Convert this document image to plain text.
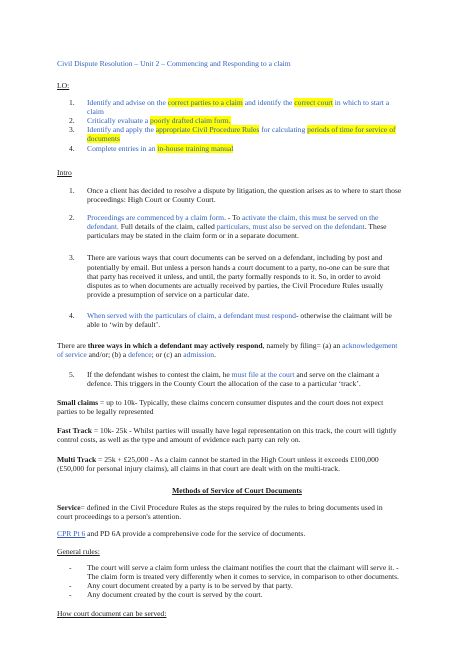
Civil Dispute Resolution – Unit 2 – Commencing and Responding to a claim
LO:
1. Identify and advise on the correct parties to a claim and identify the correct court in which to start a
claim
2. Critically evaluate a poorly drafted claim form.
3. Identify and apply the appropriate Civil Procedure Rules for calculating periods of time for service of
documents
4. Complete entries in an in-house training manual
Intro
1. Once a client has decided to resolve a dispute by litigation, the question arises as to where to start those
proceedings: High Court or County Court.
2. Proceedings are commenced by a claim form. - To activate the claim, this must be served on the
defendant. Full details of the claim, called particulars, must also be served on the defendant. These
particulars may be stated in the claim form or in a separate document.
3. There are various ways that court documents can be served on a defendant, including by post and
potentially by email. But unless a person hands a court document to a party, no-one can be sure that
that party has received it unless, and until, the party formally responds to it. So, in order to avoid
disputes as to when documents are actually received by parties, the Civil Procedure Rules usually
provide a presumption of service on a particular date.
4. When served with the particulars of claim, a defendant must respond- otherwise the claimant will be
able to ‘win by default’.
There are three ways in which a defendant may actively respond, namely by filing= (a) an acknowledgement
of service and/or; (b) a defence; or (c) an admission.
5. If the defendant wishes to contest the claim, he must file at the court and serve on the claimant a
defence. This triggers in the County Court the allocation of the case to a particular ‘track’.
Small claims = up to 10k- Typically, these claims concern consumer disputes and the court does not expect
parties to be legally represented
Fast Track = 10k- 25k - Whilst parties will usually have legal representation on this track, the court will tightly
control costs, as well as the type and amount of evidence each party can rely on.
Multi Track = 25k + £25,000 - As a claim cannot be started in the High Court unless it exceeds £100,000
(£50,000 for personal injury claims), all claims in that court are dealt with on the multi-track.
Methods of Service of Court Documents
Service= defined in the Civil Procedure Rules as the steps required by the rules to bring documents used in
court proceedings to a person's attention.
CPR Pt 6 and PD 6A provide a comprehensive code for the service of documents.
General rules:
- The court will serve a claim form unless the claimant notifies the court that the claimant will serve it. -
The claim form is treated very differently when it comes to service, in comparison to other documents.
- Any court document created by a party is to be served by that party.
- Any document created by the court is served by the court.
How court document can be served:
